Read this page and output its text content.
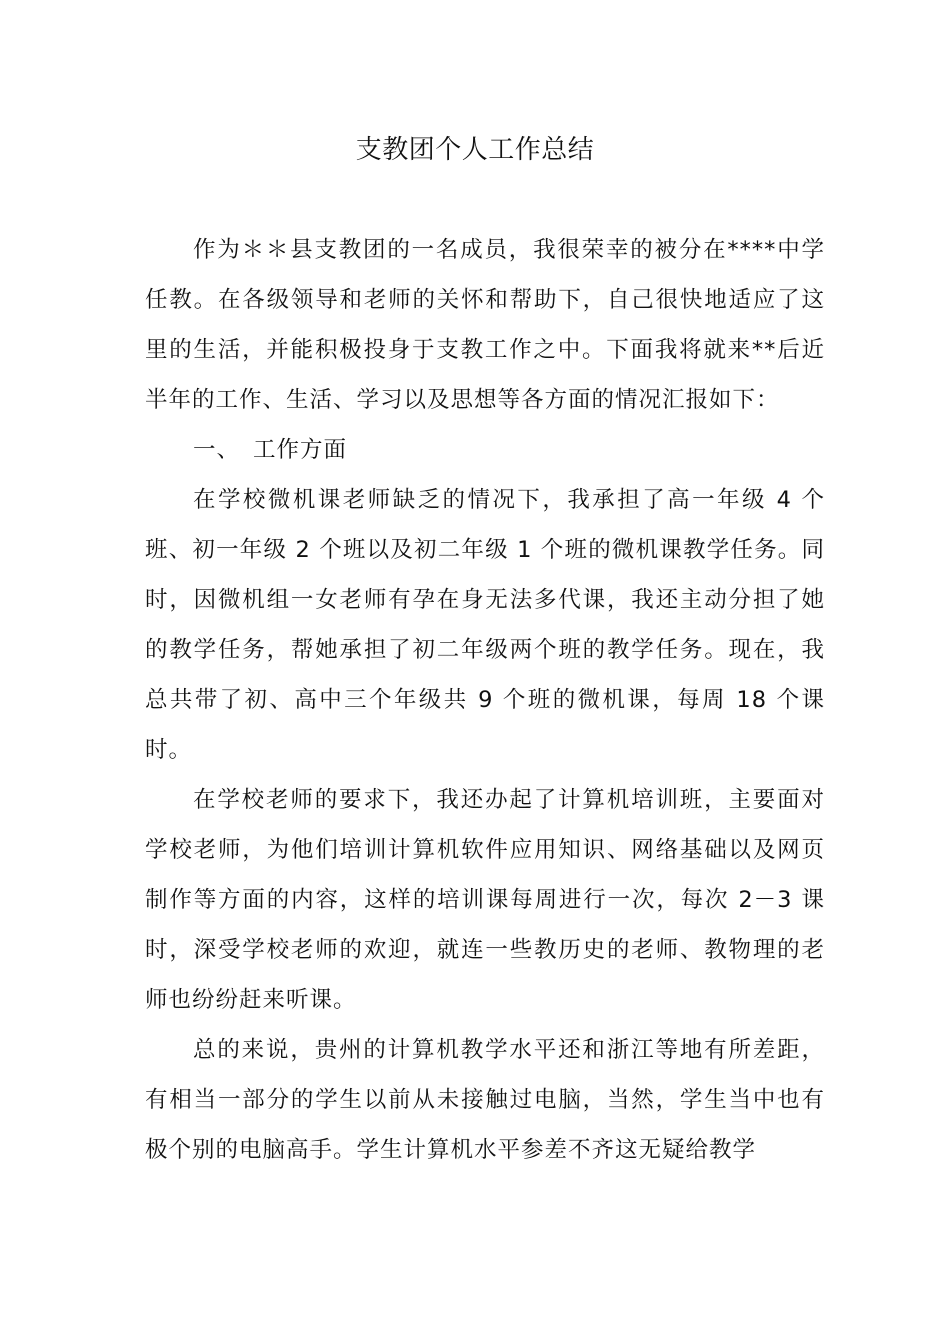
支教团个人工作总结

作为＊＊县支教团的一名成员，我很荣幸的被分在****中学任教。在各级领导和老师的关怀和帮助下，自己很快地适应了这里的生活，并能积极投身于支教工作之中。下面我将就来**后近半年的工作、生活、学习以及思想等各方面的情况汇报如下：

一、 工作方面

在学校微机课老师缺乏的情况下，我承担了高一年级 4 个班、初一年级 2 个班以及初二年级 1 个班的微机课教学任务。同时，因微机组一女老师有孕在身无法多代课，我还主动分担了她的教学任务，帮她承担了初二年级两个班的教学任务。现在，我总共带了初、高中三个年级共 9 个班的微机课，每周 18 个课时。

在学校老师的要求下，我还办起了计算机培训班，主要面对学校老师，为他们培训计算机软件应用知识、网络基础以及网页制作等方面的内容，这样的培训课每周进行一次，每次 2－3 课时，深受学校老师的欢迎，就连一些教历史的老师、教物理的老师也纷纷赶来听课。

总的来说，贵州的计算机教学水平还和浙江等地有所差距，有相当一部分的学生以前从未接触过电脑，当然，学生当中也有极个别的电脑高手。学生计算机水平参差不齐这无疑给教学
